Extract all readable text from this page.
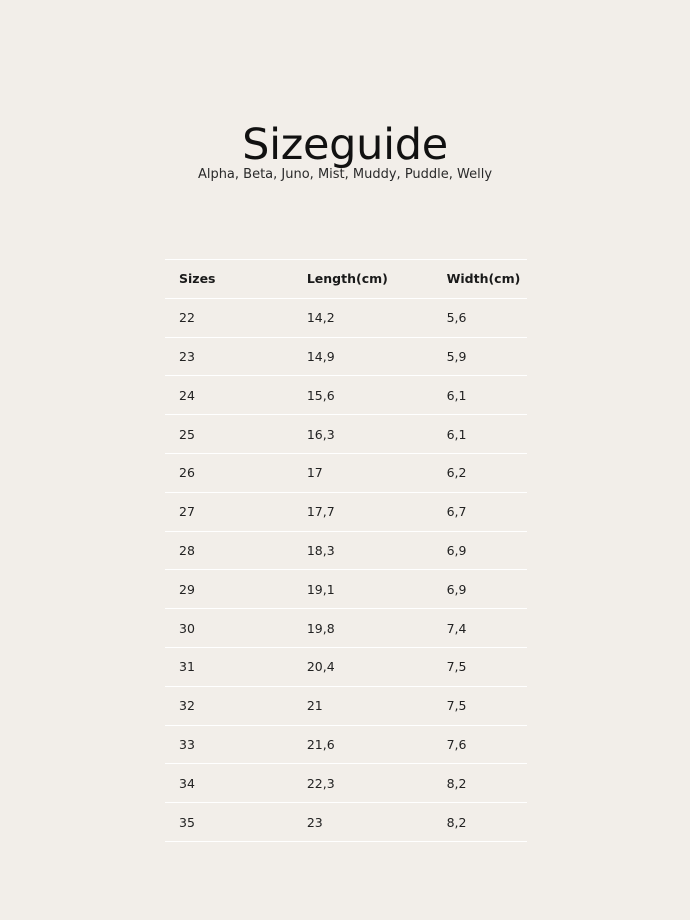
Sizeguide
Alpha, Beta, Juno, Mist, Muddy, Puddle, Welly
Sizes	Length(cm)	Width(cm)
22	14,2	5,6
23	14,9	5,9
24	15,6	6,1
25	16,3	6,1
26	17	6,2
27	17,7	6,7
28	18,3	6,9
29	19,1	6,9
30	19,8	7,4
31	20,4	7,5
32	21	7,5
33	21,6	7,6
34	22,3	8,2
35	23	8,2
